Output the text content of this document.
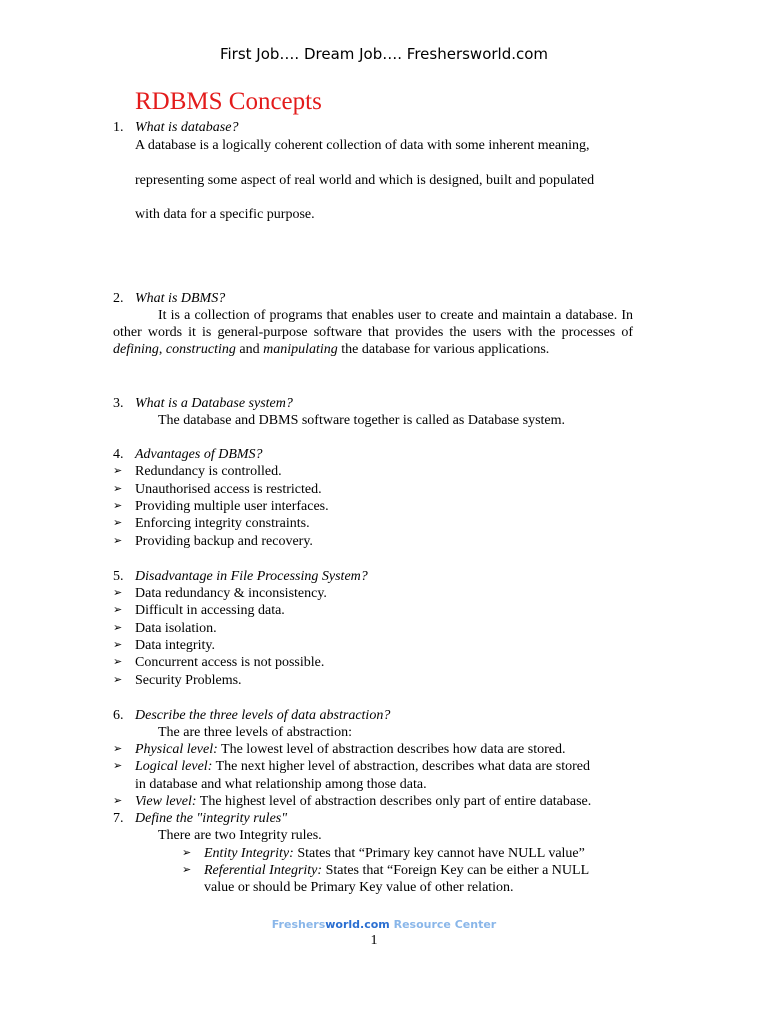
First Job…. Dream Job…. Freshersworld.com
RDBMS Concepts
1. What is database?
A database is a logically coherent collection of data with some inherent meaning,
representing some aspect of real world and which is designed, built and populated
with data for a specific purpose.
2. What is DBMS?

It is a collection of programs that enables user to create and maintain a database. In other words it is general-purpose software that provides the users with the processes of defining, constructing and manipulating the database for various applications.

3. What is a Database system?
The database and DBMS software together is called as Database system.
4. Advantages of DBMS?
➢ Redundancy is controlled.
➢ Unauthorised access is restricted.
➢ Providing multiple user interfaces.
➢ Enforcing integrity constraints.
➢ Providing backup and recovery.
5. Disadvantage in File Processing System?
➢ Data redundancy & inconsistency.
➢ Difficult in accessing data.
➢ Data isolation.
➢ Data integrity.
➢ Concurrent access is not possible.
➢ Security Problems.
6. Describe the three levels of data abstraction?
The are three levels of abstraction:
➢ Physical level: The lowest level of abstraction describes how data are stored.
➢ Logical level: The next higher level of abstraction, describes what data are stored
in database and what relationship among those data.
➢ View level: The highest level of abstraction describes only part of entire database.
7. Define the "integrity rules"
There are two Integrity rules.
➢ Entity Integrity: States that “Primary key cannot have NULL value”
➢ Referential Integrity: States that “Foreign Key can be either a NULL
value or should be Primary Key value of other relation.
Freshersworld.com Resource Center
1
